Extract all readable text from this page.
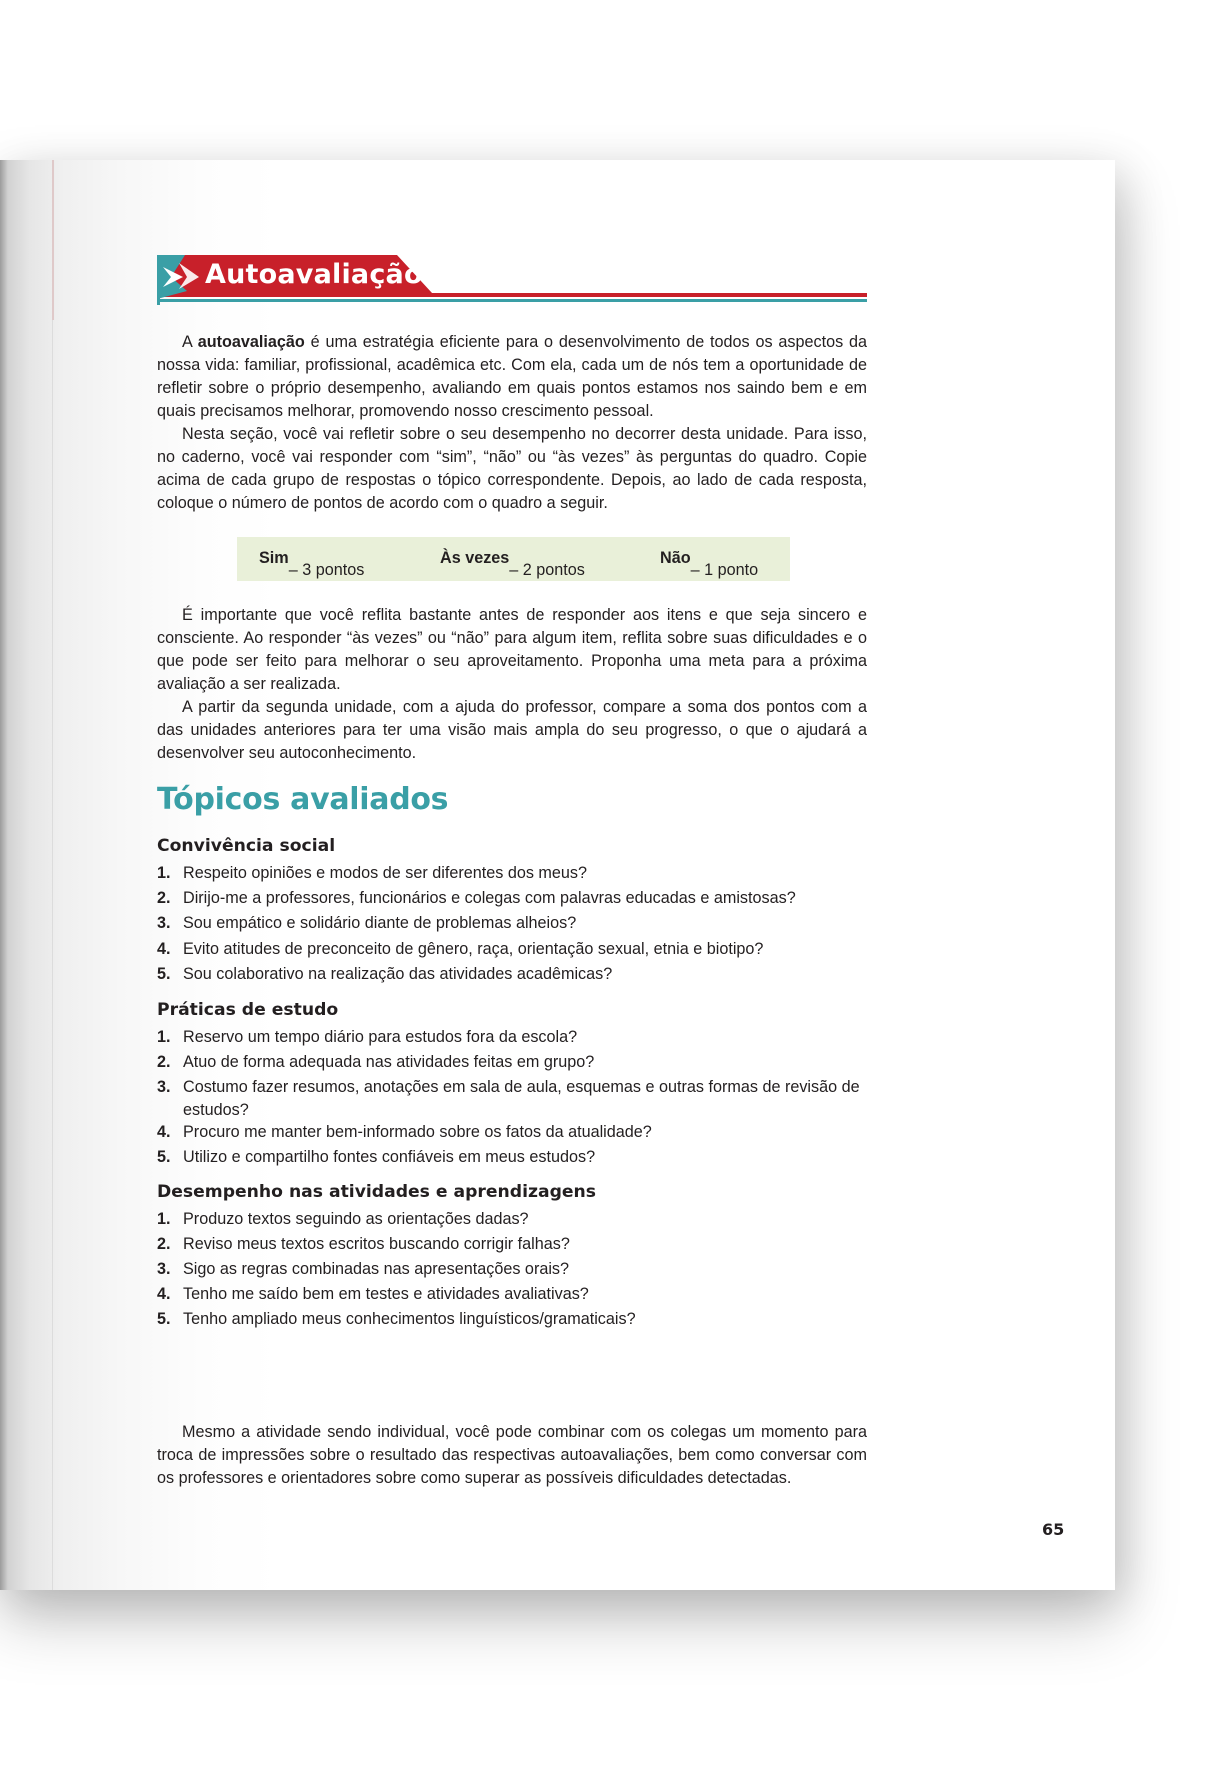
Autoavaliação

A autoavaliação é uma estratégia eficiente para o desenvolvimento de todos os aspectos da nossa vida: familiar, profissional, acadêmica etc. Com ela, cada um de nós tem a oportunidade de refletir sobre o próprio desempenho, avaliando em quais pontos estamos nos saindo bem e em quais precisamos melhorar, promovendo nosso crescimento pessoal.

Nesta seção, você vai refletir sobre o seu desempenho no decorrer desta unidade. Para isso, no caderno, você vai responder com “sim”, “não” ou “às vezes” às perguntas do quadro. Copie acima de cada grupo de respostas o tópico correspondente. Depois, ao lado de cada resposta, coloque o número de pontos de acordo com o quadro a seguir.

Sim
– 3 pontos
Às vezes
– 2 pontos
Não
– 1 ponto

É importante que você reflita bastante antes de responder aos itens e que seja sincero e consciente. Ao responder “às vezes” ou “não” para algum item, reflita sobre suas dificuldades e o que pode ser feito para melhorar o seu aproveitamento. Proponha uma meta para a próxima avaliação a ser realizada.

A partir da segunda unidade, com a ajuda do professor, compare a soma dos pontos com a das unidades anteriores para ter uma visão mais ampla do seu progresso, o que o ajudará a desenvolver seu autoconhecimento.

Tópicos avaliados
Convivência social
1. Respeito opiniões e modos de ser diferentes dos meus?
2. Dirijo-me a professores, funcionários e colegas com palavras educadas e amistosas?
3. Sou empático e solidário diante de problemas alheios?
4. Evito atitudes de preconceito de gênero, raça, orientação sexual, etnia e biotipo?
5. Sou colaborativo na realização das atividades acadêmicas?
Práticas de estudo
1. Reservo um tempo diário para estudos fora da escola?
2. Atuo de forma adequada nas atividades feitas em grupo?
3. Costumo fazer resumos, anotações em sala de aula, esquemas e outras formas de revisão de estudos?
4. Procuro me manter bem-informado sobre os fatos da atualidade?
5. Utilizo e compartilho fontes confiáveis em meus estudos?
Desempenho nas atividades e aprendizagens
1. Produzo textos seguindo as orientações dadas?
2. Reviso meus textos escritos buscando corrigir falhas?
3. Sigo as regras combinadas nas apresentações orais?
4. Tenho me saído bem em testes e atividades avaliativas?
5. Tenho ampliado meus conhecimentos linguísticos/gramaticais?

Mesmo a atividade sendo individual, você pode combinar com os colegas um momento para troca de impressões sobre o resultado das respectivas autoavaliações, bem como conversar com os professores e orientadores sobre como superar as possíveis dificuldades detectadas.

65
